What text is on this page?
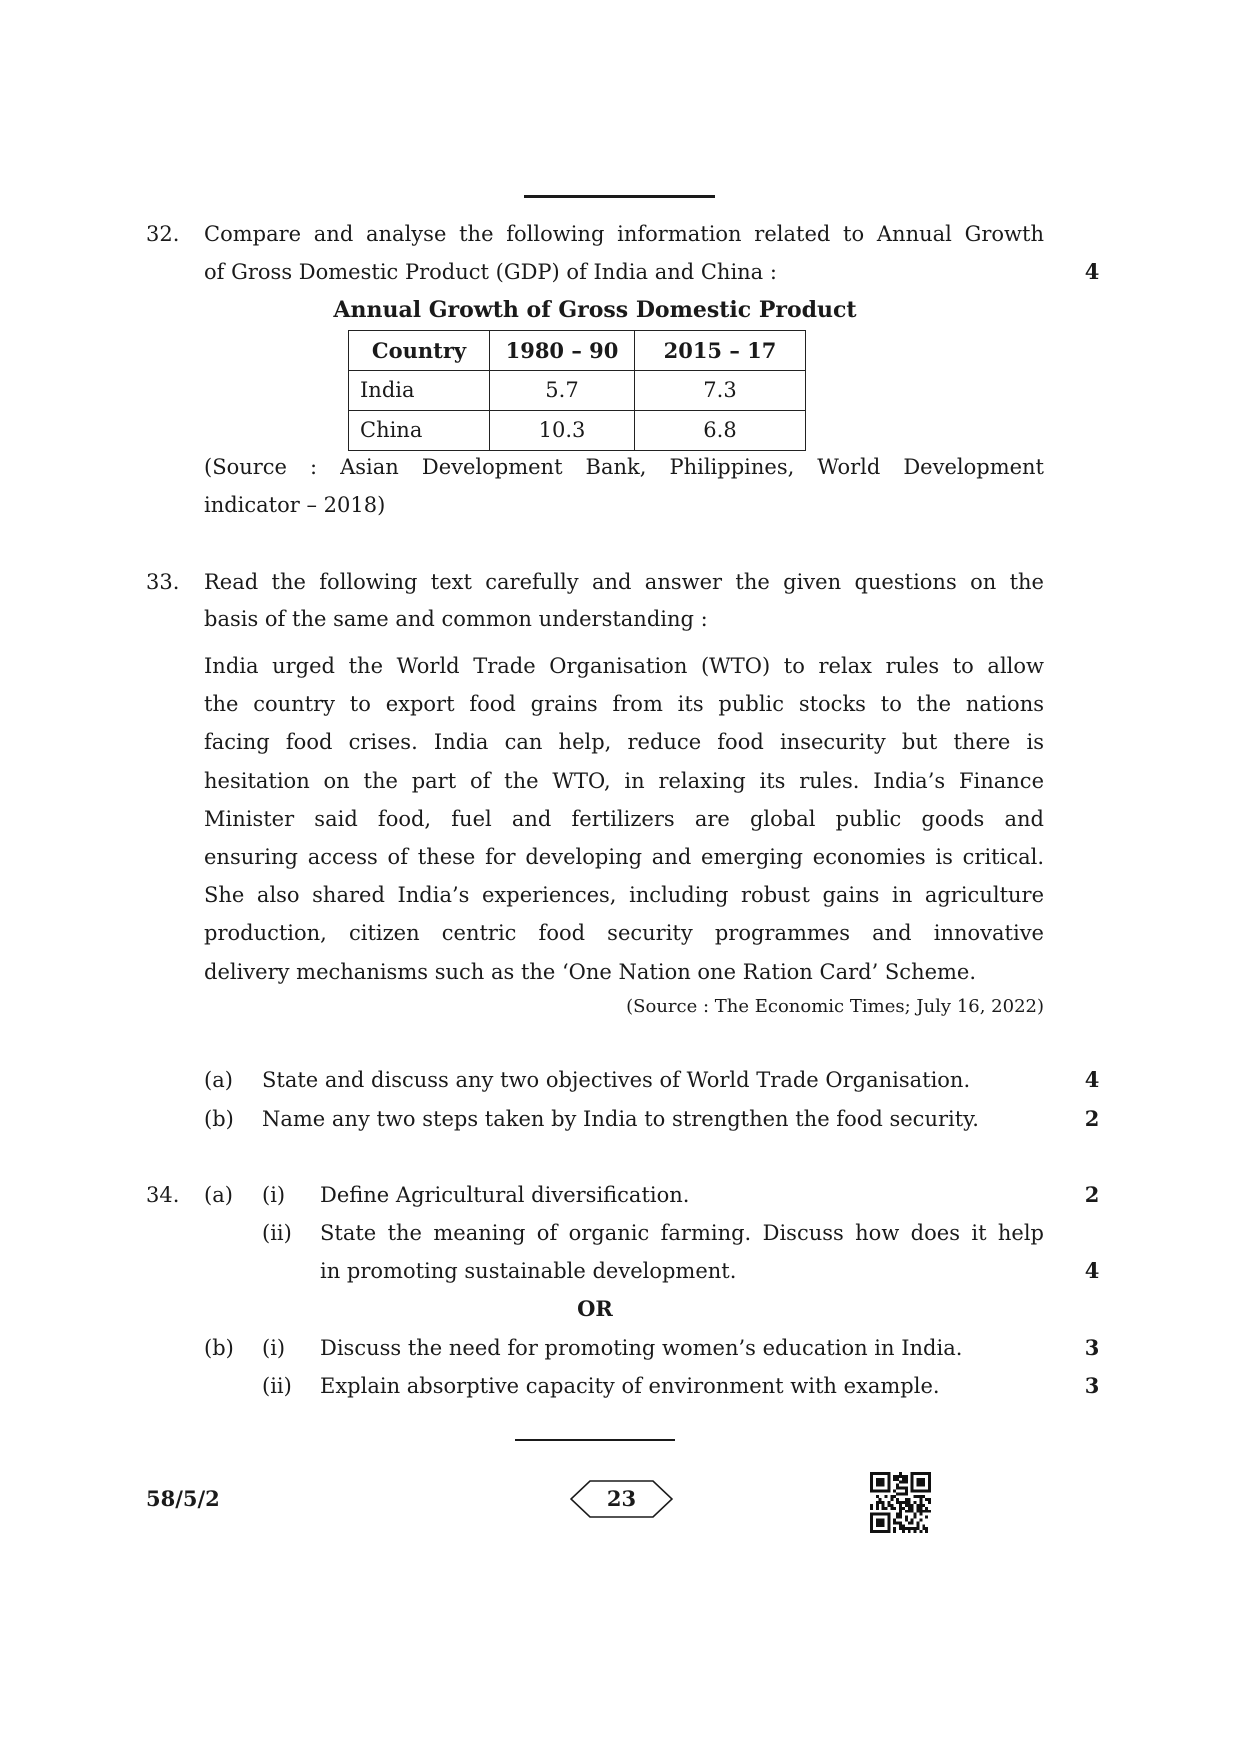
32.	Compare and analyse the following information related to Annual Growth
of Gross Domestic Product (GDP) of India and China :	4
Annual Growth of Gross Domestic Product
Country	1980 – 90	2015 – 17
India	5.7	7.3
China	10.3	6.8
(Source : Asian Development Bank, Philippines, World Development
indicator – 2018)
33.	Read the following text carefully and answer the given questions on the
basis of the same and common understanding :
India urged the World Trade Organisation (WTO) to relax rules to allow
the country to export food grains from its public stocks to the nations
facing food crises. India can help, reduce food insecurity but there is
hesitation on the part of the WTO, in relaxing its rules. India’s Finance
Minister said food, fuel and fertilizers are global public goods and
ensuring access of these for developing and emerging economies is critical.
She also shared India’s experiences, including robust gains in agriculture
production, citizen centric food security programmes and innovative
delivery mechanisms such as the ‘One Nation one Ration Card’ Scheme.
(Source : The Economic Times; July 16, 2022)
(a)	State and discuss any two objectives of World Trade Organisation.	4
(b)	Name any two steps taken by India to strengthen the food security.	2
34.	(a)	(i)	Define Agricultural diversification.	2
(ii)	State the meaning of organic farming. Discuss how does it help
in promoting sustainable development.	4
OR
(b)	(i)	Discuss the need for promoting women’s education in India.	3
(ii)	Explain absorptive capacity of environment with example.	3
58/5/2	23
